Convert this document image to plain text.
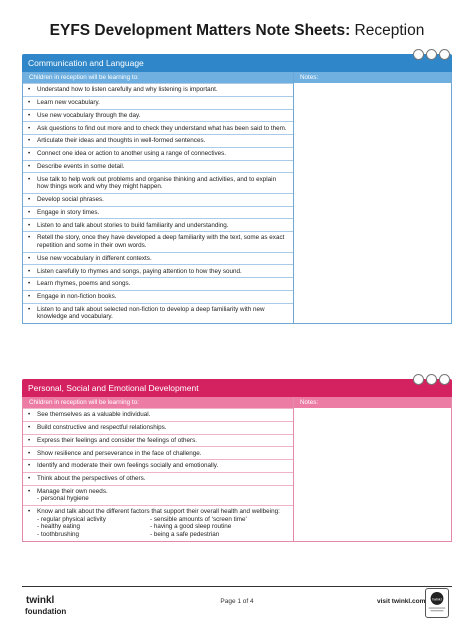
EYFS Development Matters Note Sheets: Reception
Communication and Language
Children in reception will be learning to:
• Understand how to listen carefully and why listening is important.
• Learn new vocabulary.
• Use new vocabulary through the day.
• Ask questions to find out more and to check they understand what has been said to them.
• Articulate their ideas and thoughts in well-formed sentences.
• Connect one idea or action to another using a range of connectives.
• Describe events in some detail.
• Use talk to help work out problems and organise thinking and activities, and to explain how things work and why they might happen.
• Develop social phrases.
• Engage in story times.
• Listen to and talk about stories to build familiarity and understanding.
• Retell the story, once they have developed a deep familiarity with the text, some as exact repetition and some in their own words.
• Use new vocabulary in different contexts.
• Listen carefully to rhymes and songs, paying attention to how they sound.
• Learn rhymes, poems and songs.
• Engage in non-fiction books.
• Listen to and talk about selected non-fiction to develop a deep familiarity with new knowledge and vocabulary.
Notes:
Personal, Social and Emotional Development
Children in reception will be learning to:
• See themselves as a valuable individual.
• Build constructive and respectful relationships.
• Express their feelings and consider the feelings of others.
• Show resilience and perseverance in the face of challenge.
• Identify and moderate their own feelings socially and emotionally.
• Think about the perspectives of others.
• Manage their own needs.
- personal hygiene
• Know and talk about the different factors that support their overall health and wellbeing:
- regular physical activity
- healthy eating
- toothbrushing
- sensible amounts of ‘screen time’
- having a good sleep routine
- being a safe pedestrian
Notes:
twinkl
foundation
Page 1 of 4	visit twinkl.com twinkl
